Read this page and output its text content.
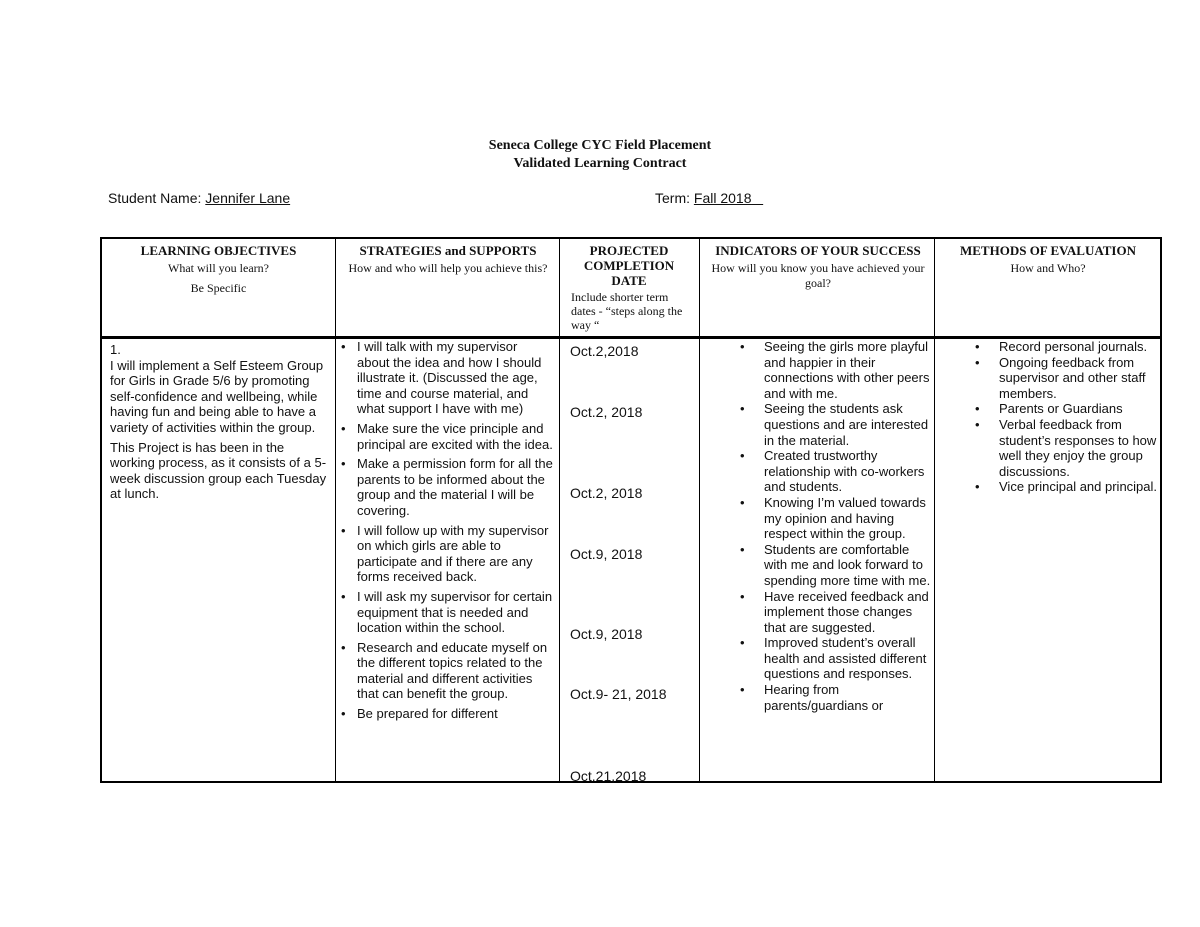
Seneca College CYC Field Placement
Validated Learning Contract
Student Name: Jennifer Lane	Term: Fall 2018
LEARNING OBJECTIVES
What will you learn?
Be Specific
STRATEGIES and SUPPORTS
How and who will help you achieve this?
PROJECTED COMPLETION DATE
Include shorter term dates - “steps along the way “
INDICATORS OF YOUR SUCCESS
How will you know you have achieved your goal?
METHODS OF EVALUATION
How and Who?

1.

I will implement a Self Esteem Group for Girls in Grade 5/6 by promoting self-confidence and wellbeing, while having fun and being able to have a variety of activities within the group.

This Project is has been in the working process, as it consists of a 5-week discussion group each Tuesday at lunch.

• I will talk with my supervisor about the idea and how I should illustrate it. (Discussed the age, time and course material, and what support I have with me)
• Make sure the vice principle and principal are excited with the idea.
• Make a permission form for all the parents to be informed about the group and the material I will be covering.
• I will follow up with my supervisor on which girls are able to participate and if there are any forms received back.
• I will ask my supervisor for certain equipment that is needed and location within the school.
• Research and educate myself on the different topics related to the material and different activities that can benefit the group.
• Be prepared for different
Oct.2,2018
Oct.2, 2018
Oct.2, 2018
Oct.9, 2018
Oct.9, 2018
Oct.9- 21, 2018
Oct.21,2018
• Seeing the girls more playful and happier in their connections with other peers and with me.
• Seeing the students ask questions and are interested in the material.
• Created trustworthy relationship with co-workers and students.
• Knowing I’m valued towards my opinion and having respect within the group.
• Students are comfortable with me and look forward to spending more time with me.
• Have received feedback and implement those changes that are suggested.
• Improved student’s overall health and assisted different questions and responses.
• Hearing from parents/guardians or
• Record personal journals.
• Ongoing feedback from supervisor and other staff members.
• Parents or Guardians
• Verbal feedback from student’s responses to how well they enjoy the group discussions.
• Vice principal and principal.
